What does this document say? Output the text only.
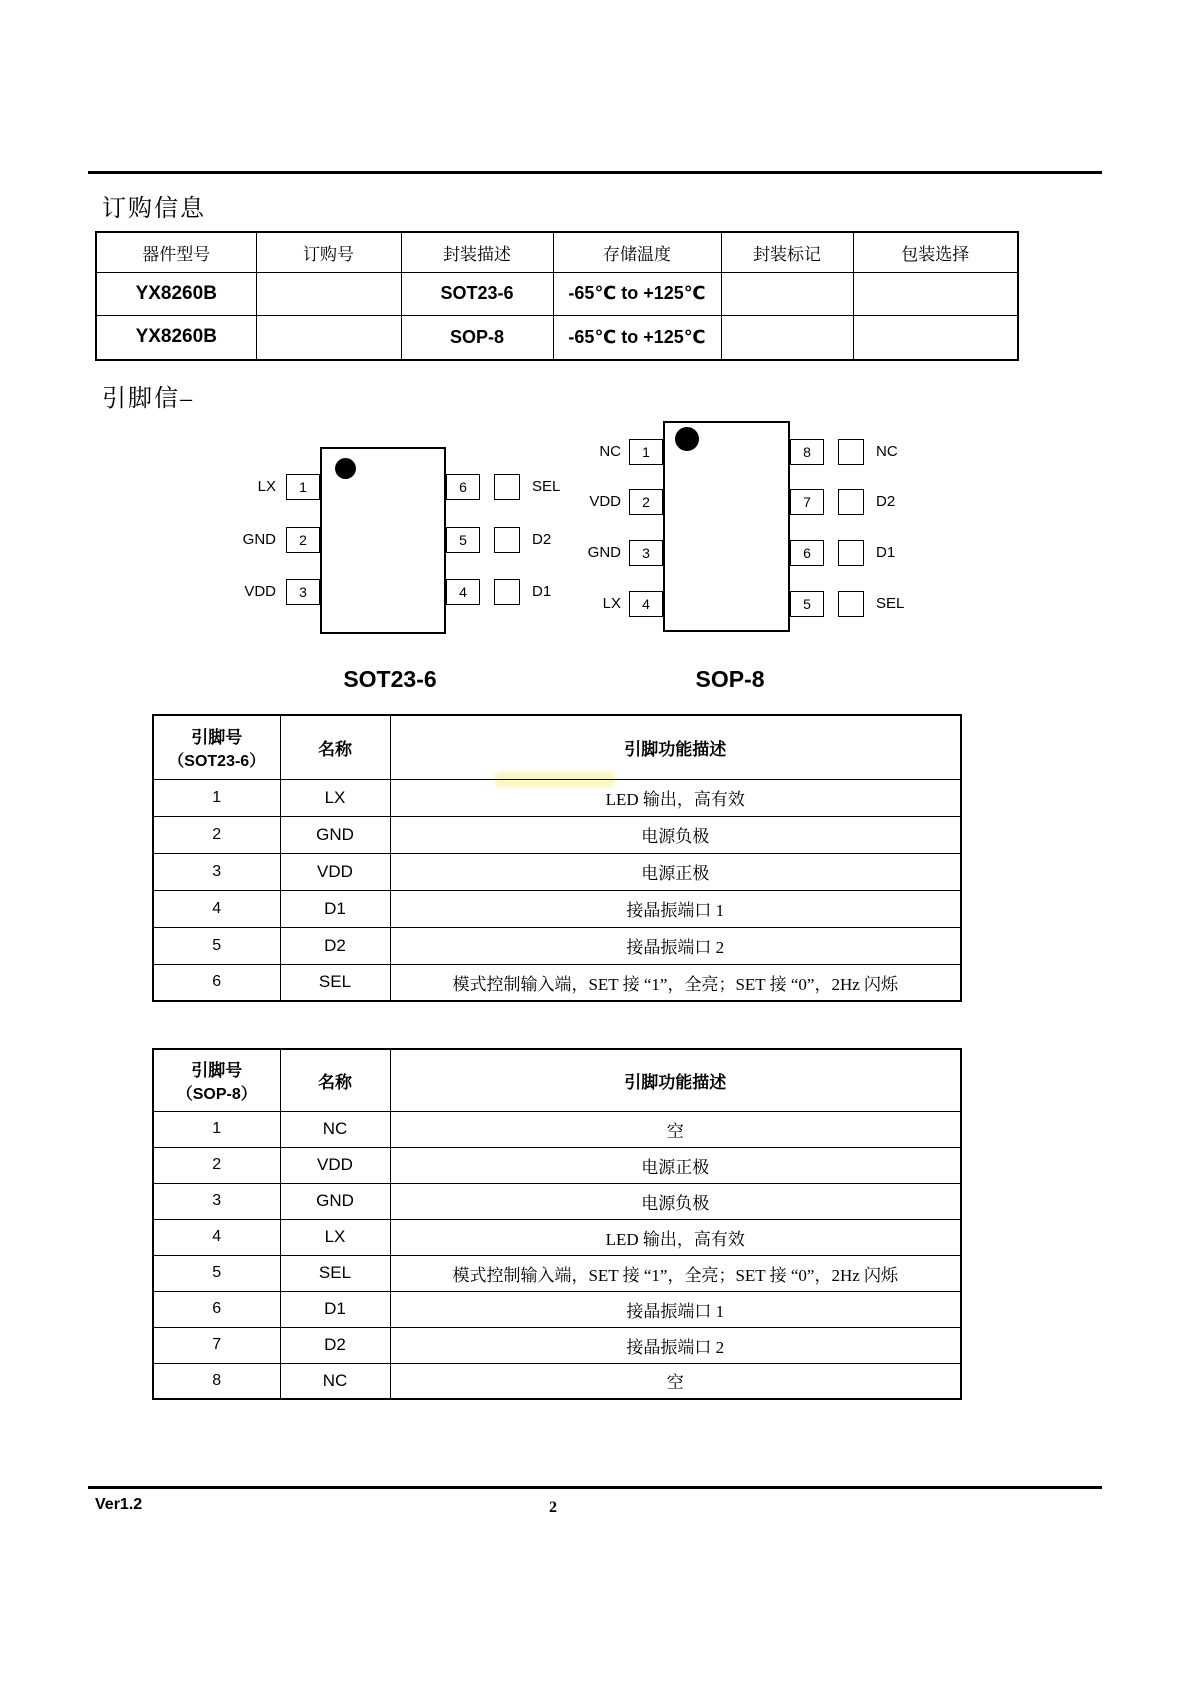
订购信息
器件型号	订购号	封装描述	存储温度	封装标记	包装选择
YX8260B		SOT23-6	-65℃ to +125℃		
YX8260B		SOP-8	-65℃ to +125℃		
引脚信–
LX 1
GND 2
VDD 3
6	SEL
5	D2
4	D1
SOT23-6
NC 1
VDD 2
GND 3
LX 4
8	NC
7	D2
6	D1
5	SEL
SOP-8
引脚号
（SOT23-6）	名称	引脚功能描述
1	LX	LED 输出，高有效
2	GND	电源负极
3	VDD	电源正极
4	D1	接晶振端口 1
5	D2	接晶振端口 2
6	SEL	模式控制输入端，SET 接 “1”，全亮；SET 接 “0”，2Hz 闪烁
引脚号
（SOP-8）	名称	引脚功能描述
1	NC	空
2	VDD	电源正极
3	GND	电源负极
4	LX	LED 输出，高有效
5	SEL	模式控制输入端，SET 接 “1”，全亮；SET 接 “0”，2Hz 闪烁
6	D1	接晶振端口 1
7	D2	接晶振端口 2
8	NC	空
Ver1.2	2
